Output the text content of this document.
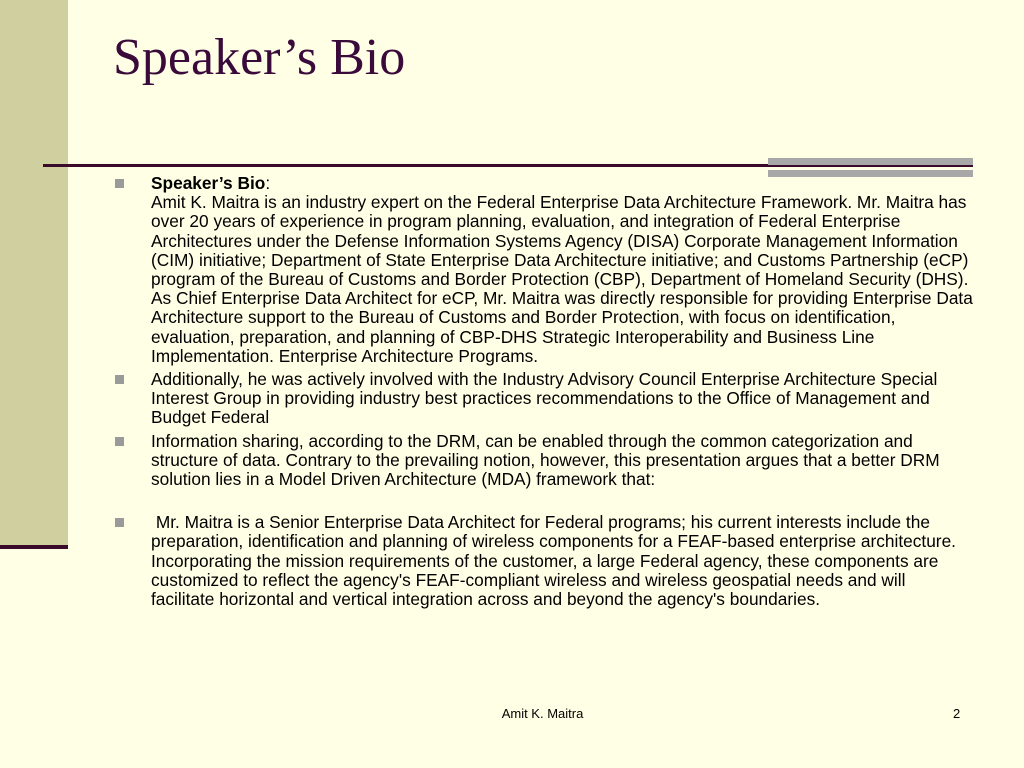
Speaker’s Bio
Speaker’s Bio:
Amit K. Maitra is an industry expert on the Federal Enterprise Data Architecture Framework. Mr. Maitra has over 20 years of experience in program planning, evaluation, and integration of Federal Enterprise Architectures under the Defense Information Systems Agency (DISA) Corporate Management Information (CIM) initiative; Department of State Enterprise Data Architecture initiative; and Customs Partnership (eCP) program of the Bureau of Customs and Border Protection (CBP), Department of Homeland Security (DHS). As Chief Enterprise Data Architect for eCP, Mr. Maitra was directly responsible for providing Enterprise Data Architecture support to the Bureau of Customs and Border Protection, with focus on identification, evaluation, preparation, and planning of CBP-DHS Strategic Interoperability and Business Line Implementation. Enterprise Architecture Programs.
Additionally, he was actively involved with the Industry Advisory Council Enterprise Architecture Special Interest Group in providing industry best practices recommendations to the Office of Management and Budget Federal
Information sharing, according to the DRM, can be enabled through the common categorization and structure of data. Contrary to the prevailing notion, however, this presentation argues that a better DRM solution lies in a Model Driven Architecture (MDA) framework that:
Mr. Maitra is a Senior Enterprise Data Architect for Federal programs; his current interests include the preparation, identification and planning of wireless components for a FEAF-based enterprise architecture. Incorporating the mission requirements of the customer, a large Federal agency, these components are customized to reflect the agency's FEAF-compliant wireless and wireless geospatial needs and will facilitate horizontal and vertical integration across and beyond the agency's boundaries.
Amit K. Maitra	2
